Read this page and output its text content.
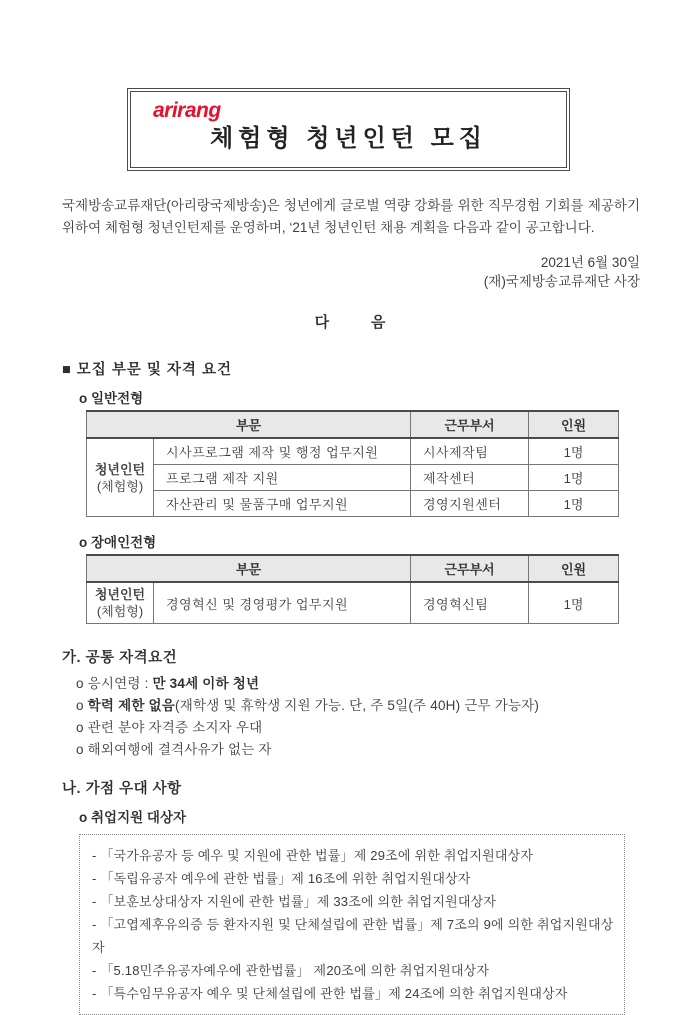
arirang
체험형 청년인턴 모집

국제방송교류재단(아리랑국제방송)은 청년에게 글로벌 역량 강화를 위한 직무경험 기회를 제공하기 위하여 체험형 청년인턴제를 운영하며, ‘21년 청년인턴 채용 계획을 다음과 같이 공고합니다.

2021년 6월 30일
(재)국제방송교류재단 사장
다          음
■ 모집 부문 및 자격 요건
o 일반전형
부문		근무부서	인원

청년인턴
(체험형)	시사프로그램 제작 및 행정 업무지원	시사제작팀	1명
	프로그램 제작 지원	제작센터	1명
	자산관리 및 물품구매 업무지원	경영지원센터	1명
o 장애인전형
부문		근무부서	인원

청년인턴
(체험형)	경영혁신 및 경영평가 업무지원	경영혁신팀	1명
가. 공통 자격요건
o 응시연령 : 만 34세 이하 청년
o 학력 제한 없음(재학생 및 휴학생 지원 가능. 단, 주 5일(주 40H) 근무 가능자)
o 관련 분야 자격증 소지자 우대
o 해외여행에 결격사유가 없는 자
나. 가점 우대 사항
o 취업지원 대상자
- 「국가유공자 등 예우 및 지원에 관한 법률」제 29조에 위한 취업지원대상자
- 「독립유공자 예우에 관한 법률」제 16조에 위한 취업지원대상자
- 「보훈보상대상자 지원에 관한 법률」제 33조에 의한 취업지원대상자
- 「고엽제후유의증 등 환자지원 및 단체설립에 관한 법률」제 7조의 9에 의한 취업지원대상자
- 「5.18민주유공자예우에 관한법률」 제20조에 의한 취업지원대상자
- 「특수임무유공자 예우 및 단체설립에 관한 법률」제 24조에 의한 취업지원대상자
